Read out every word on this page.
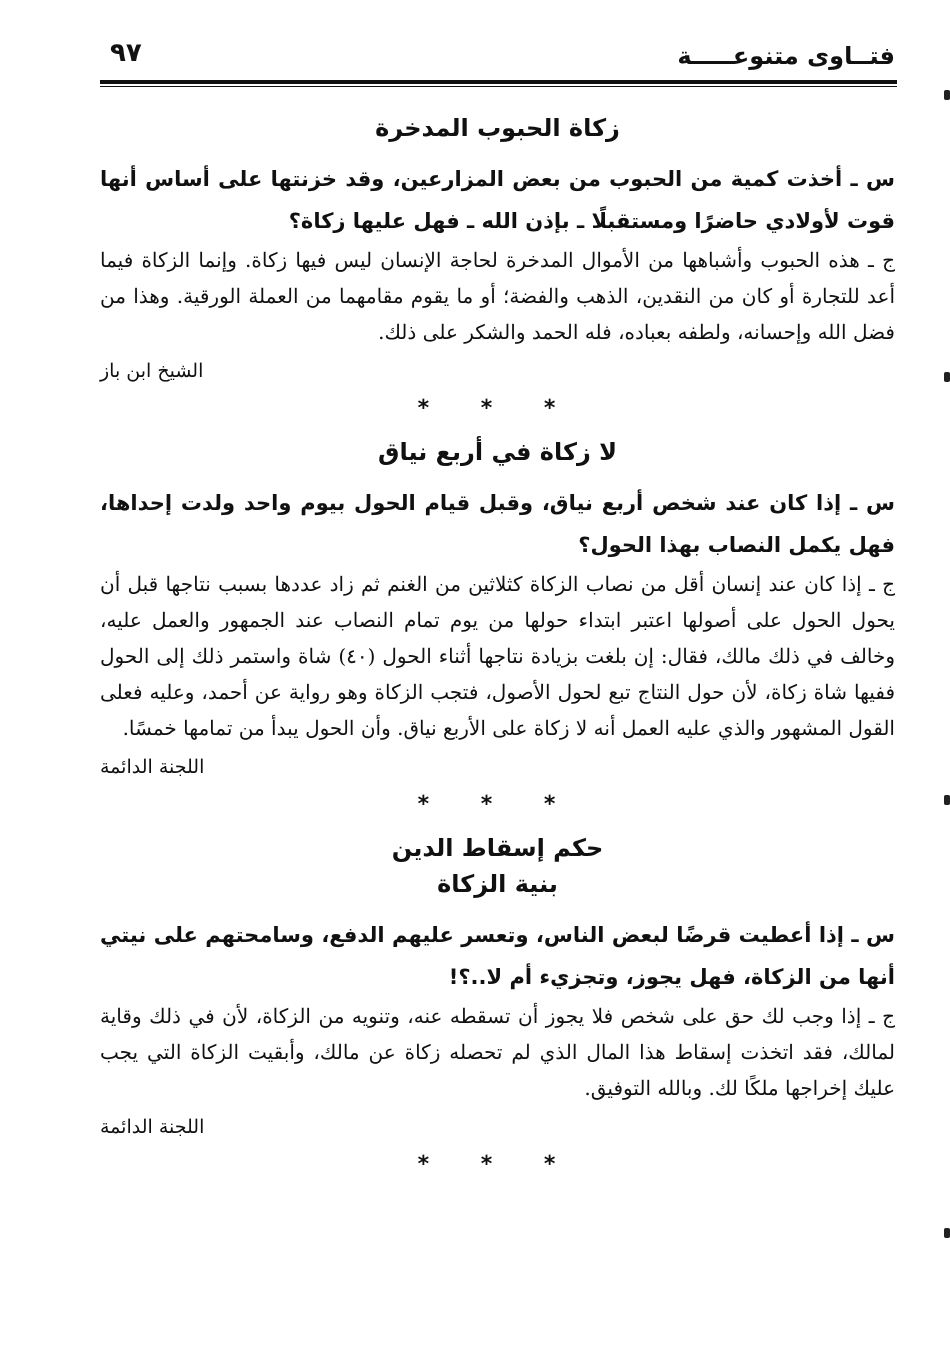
فتــاوى متنوعـــــة
٩٧
زكاة الحبوب المدخرة

س ـ أخذت كمية من الحبوب من بعض المزارعين، وقد خزنتها على أساس أنها قوت لأولادي حاضرًا ومستقبلًا ـ بإذن الله ـ فهل عليها زكاة؟

ج ـ هذه الحبوب وأشباهها من الأموال المدخرة لحاجة الإنسان ليس فيها زكاة. وإنما الزكاة فيما أعد للتجارة أو كان من النقدين، الذهب والفضة؛ أو ما يقوم مقامهما من العملة الورقية. وهذا من فضل الله وإحسانه، ولطفه بعباده، فله الحمد والشكر على ذلك.

الشيخ ابن باز
* * *
لا زكاة في أربع نياق

س ـ إذا كان عند شخص أربع نياق، وقبل قيام الحول بيوم واحد ولدت إحداها، فهل يكمل النصاب بهذا الحول؟

ج ـ إذا كان عند إنسان أقل من نصاب الزكاة كثلاثين من الغنم ثم زاد عددها بسبب نتاجها قبل أن يحول الحول على أصولها اعتبر ابتداء حولها من يوم تمام النصاب عند الجمهور والعمل عليه، وخالف في ذلك مالك، فقال: إن بلغت بزيادة نتاجها أثناء الحول (٤٠) شاة واستمر ذلك إلى الحول ففيها شاة زكاة، لأن حول النتاج تبع لحول الأصول، فتجب الزكاة وهو رواية عن أحمد، وعليه فعلى القول المشهور والذي عليه العمل أنه لا زكاة على الأربع نياق. وأن الحول يبدأ من تمامها خمسًا.

اللجنة الدائمة
* * *
حكم إسقاط الدين
بنية الزكاة

س ـ إذا أعطيت قرضًا لبعض الناس، وتعسر عليهم الدفع، وسامحتهم على نيتي أنها من الزكاة، فهل يجوز، وتجزيء أم لا..؟!

ج ـ إذا وجب لك حق على شخص فلا يجوز أن تسقطه عنه، وتنويه من الزكاة، لأن في ذلك وقاية لمالك، فقد اتخذت إسقاط هذا المال الذي لم تحصله زكاة عن مالك، وأبقيت الزكاة التي يجب عليك إخراجها ملكًا لك. وبالله التوفيق.

اللجنة الدائمة
* * *
